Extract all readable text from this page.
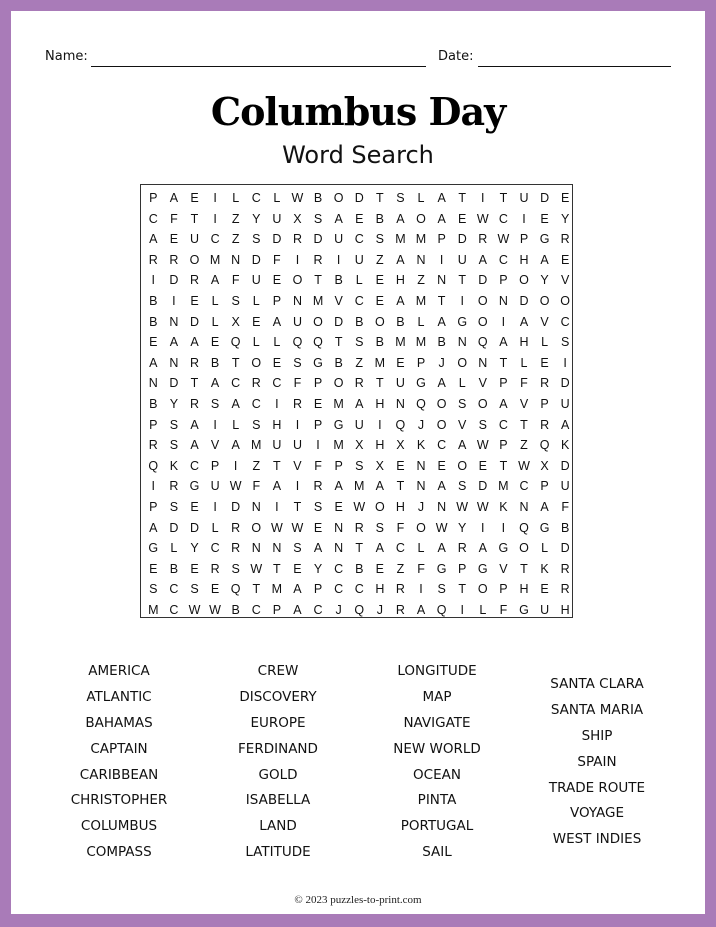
Name:	Date:
Columbus Day
Word Search
P A E	I	L	C	L W B O D T	S	L	A	T	I	T U D E
C F	T	I	Z	Y U X S A E B A O A E W C	I	E Y
A E U C Z	S D R D U C S M M P D R W P G R
R R O M N D F	I	R	I	U Z	A N	I	U A C H A E
I	D R A	F U E O T	B	L	E H Z N T D P O Y V
B	I	E	L	S	L	P N M V C E A M T	I	O N D O O
B N D	L	X E A U O D B O B	L	A G O	I	A V C
E A A E Q L	L Q Q T	S B M M B N Q A H	L	S
A N R B	T O E S G B	Z M E P	J	O N T	L	E	I
N D T	A C R C F	P O R T U G A	L	V P	F R D
B Y R S A C	I	R E M A H N Q O S O A V P U
P S A	I	L	S H	I	P G U	I	Q	J	O V S C T R A
R S A V A M U U	I	M X H X K C A W P	Z Q K
Q K C P	I	Z	T	V	F	P S X E N E O E	T W X D
I	R G U W F	A	I	R A M A	T N A S D M C P U
P S E	I	D N	I	T	S E W O H	J	N W W K N A	F
A D D	L	R O W W E N R S	F O W Y	I	I	Q G B
G L	Y C R N N S A N T	A C	L	A R A G O L	D
E B E R S W T	E Y C B E	Z	F G P G V	T	K R
S C S E Q T M A P C C H R	I	S	T O P H E R
M C W W B C P A C	J	Q	J	R A Q	I	L	F G U H
AMERICA
ATLANTIC
BAHAMAS
CAPTAIN
CARIBBEAN
CHRISTOPHER
COLUMBUS
COMPASS
CREW
DISCOVERY
EUROPE
FERDINAND
GOLD
ISABELLA
LAND
LATITUDE
LONGITUDE
MAP
NAVIGATE
NEW WORLD
OCEAN
PINTA
PORTUGAL
SAIL
SANTA CLARA
SANTA MARIA
SHIP
SPAIN
TRADE ROUTE
VOYAGE
WEST INDIES
© 2023 puzzles-to-print.com
